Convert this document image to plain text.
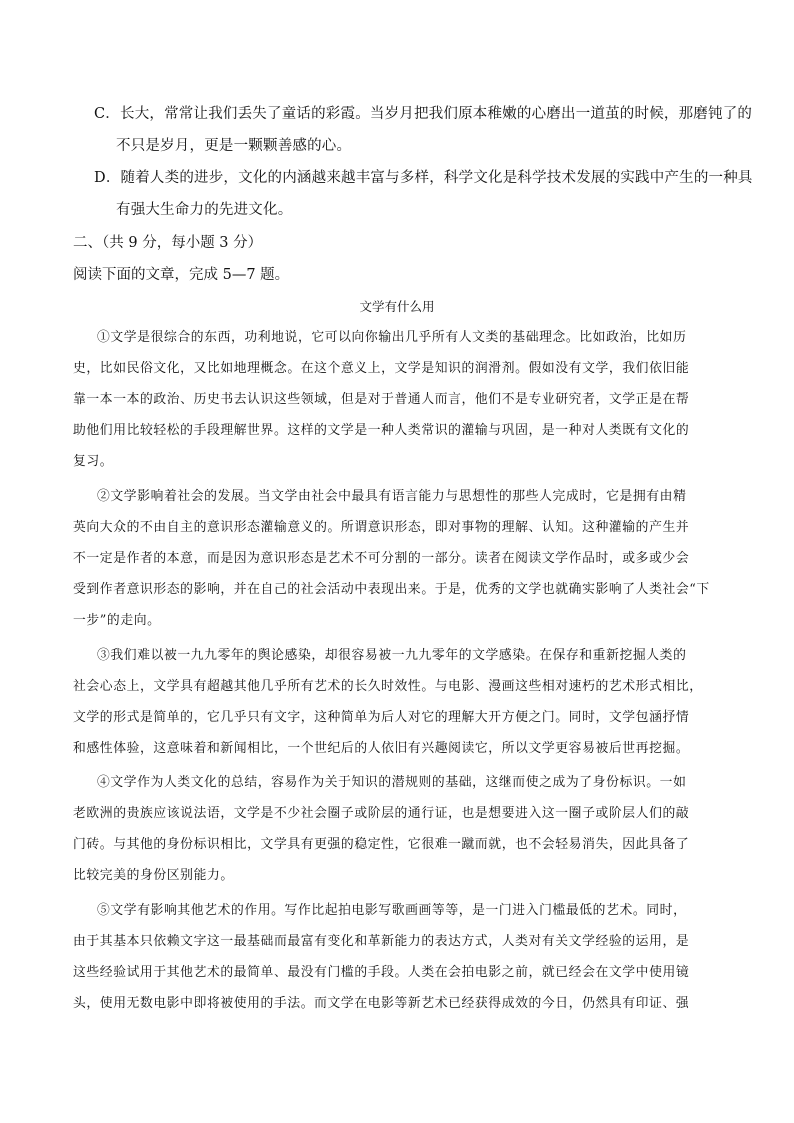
C．长大，常常让我们丢失了童话的彩霞。当岁月把我们原本稚嫩的心磨出一道茧的时候，那磨钝了的
不只是岁月，更是一颗颗善感的心。
D．随着人类的进步，文化的内涵越来越丰富与多样，科学文化是科学技术发展的实践中产生的一种具
有强大生命力的先进文化。
二、（共 9 分，每小题 3 分）
阅读下面的文章，完成 5—7 题。
文学有什么用
①文学是很综合的东西，功利地说，它可以向你输出几乎所有人文类的基础理念。比如政治，比如历
史，比如民俗文化，又比如地理概念。在这个意义上，文学是知识的润滑剂。假如没有文学，我们依旧能
靠一本一本的政治、历史书去认识这些领域，但是对于普通人而言，他们不是专业研究者，文学正是在帮
助他们用比较轻松的手段理解世界。这样的文学是一种人类常识的灌输与巩固，是一种对人类既有文化的
复习。
②文学影响着社会的发展。当文学由社会中最具有语言能力与思想性的那些人完成时，它是拥有由精
英向大众的不由自主的意识形态灌输意义的。所谓意识形态，即对事物的理解、认知。这种灌输的产生并
不一定是作者的本意，而是因为意识形态是艺术不可分割的一部分。读者在阅读文学作品时，或多或少会
受到作者意识形态的影响，并在自己的社会活动中表现出来。于是，优秀的文学也就确实影响了人类社会“下
一步”的走向。
③我们难以被一九九零年的舆论感染，却很容易被一九九零年的文学感染。在保存和重新挖掘人类的
社会心态上，文学具有超越其他几乎所有艺术的长久时效性。与电影、漫画这些相对速朽的艺术形式相比，
文学的形式是简单的，它几乎只有文字，这种简单为后人对它的理解大开方便之门。同时，文学包涵抒情
和感性体验，这意味着和新闻相比，一个世纪后的人依旧有兴趣阅读它，所以文学更容易被后世再挖掘。
④文学作为人类文化的总结，容易作为关于知识的潜规则的基础，这继而使之成为了身份标识。一如
老欧洲的贵族应该说法语，文学是不少社会圈子或阶层的通行证，也是想要进入这一圈子或阶层人们的敲
门砖。与其他的身份标识相比，文学具有更强的稳定性，它很难一蹴而就，也不会轻易消失，因此具备了
比较完美的身份区别能力。
⑤文学有影响其他艺术的作用。写作比起拍电影写歌画画等等，是一门进入门槛最低的艺术。同时，
由于其基本只依赖文字这一最基础而最富有变化和革新能力的表达方式，人类对有关文学经验的运用，是
这些经验试用于其他艺术的最简单、最没有门槛的手段。人类在会拍电影之前，就已经会在文学中使用镜
头，使用无数电影中即将被使用的手法。而文学在电影等新艺术已经获得成效的今日，仍然具有印证、强
